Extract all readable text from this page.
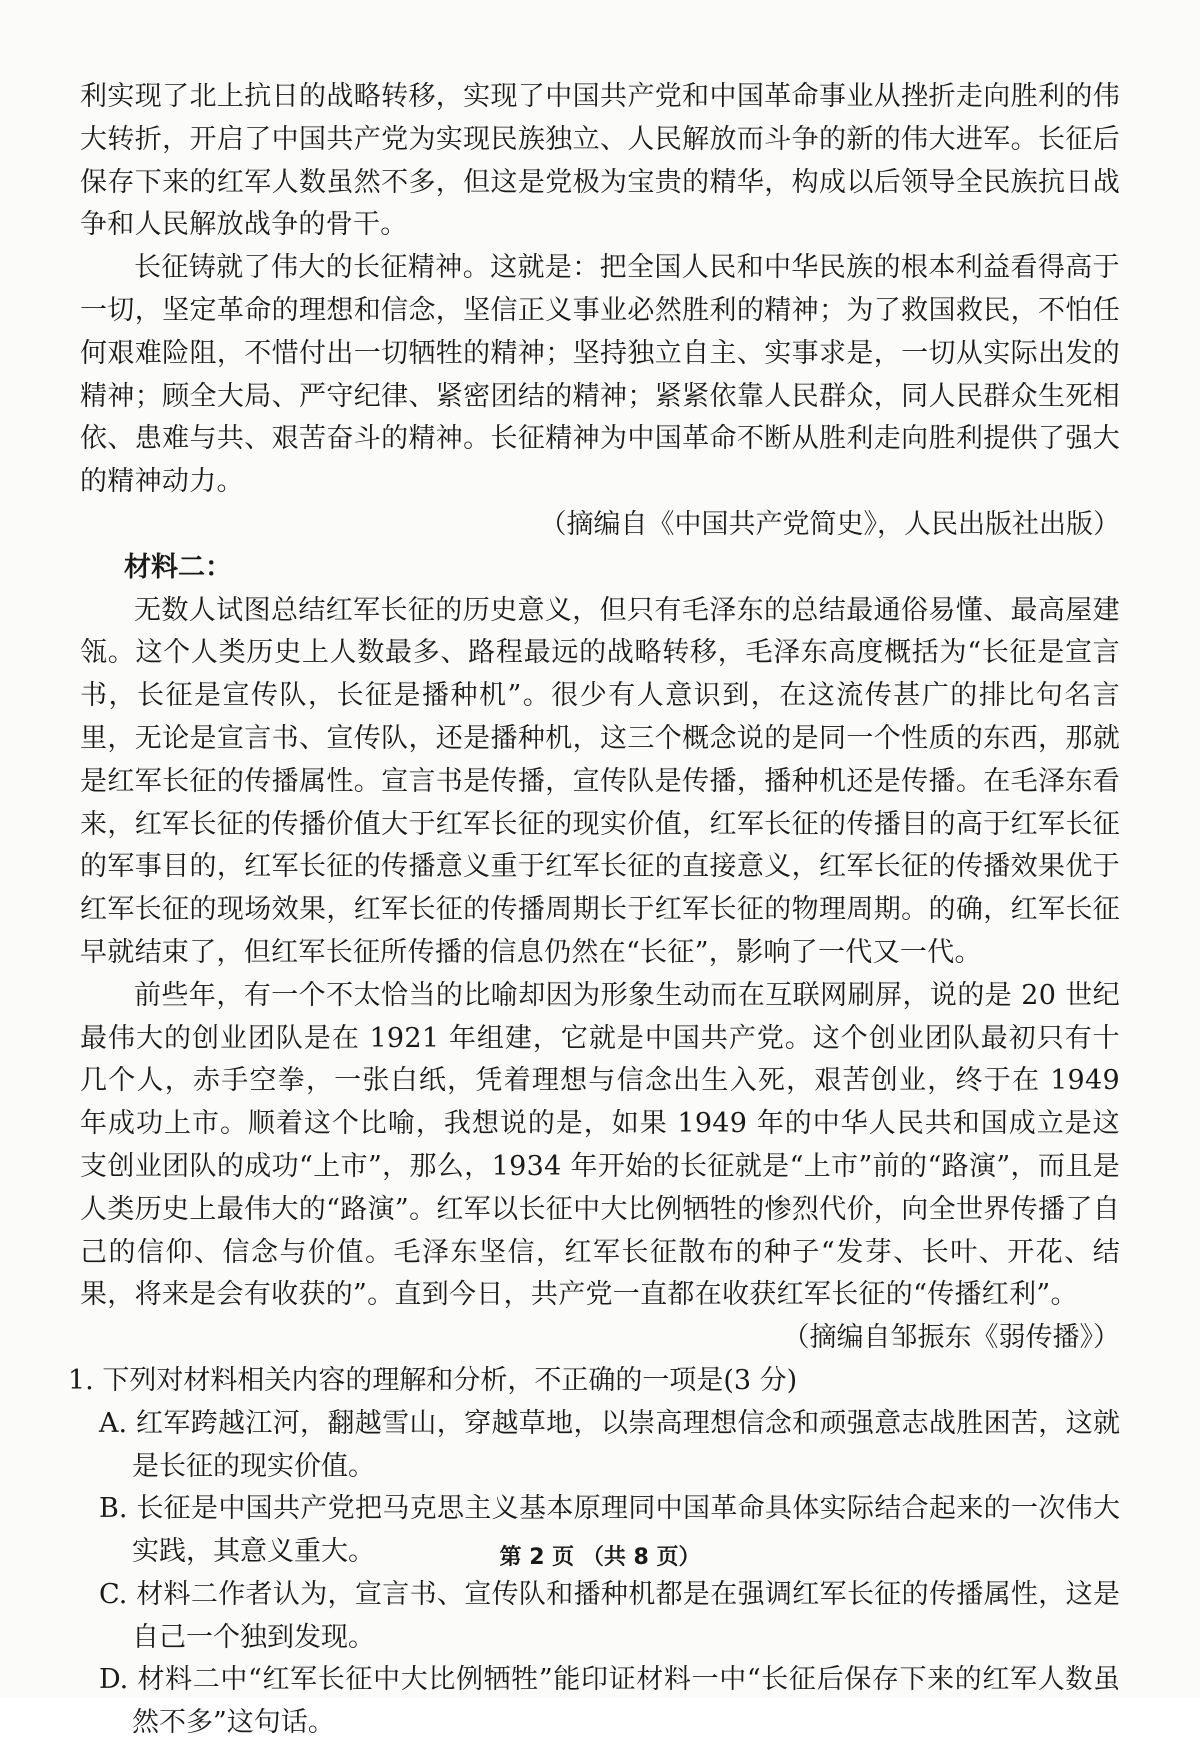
利实现了北上抗日的战略转移，实现了中国共产党和中国革命事业从挫折走向胜利的伟大转折，开启了中国共产党为实现民族独立、人民解放而斗争的新的伟大进军。长征后保存下来的红军人数虽然不多，但这是党极为宝贵的精华，构成以后领导全民族抗日战争和人民解放战争的骨干。

长征铸就了伟大的长征精神。这就是：把全国人民和中华民族的根本利益看得高于一切，坚定革命的理想和信念，坚信正义事业必然胜利的精神；为了救国救民，不怕任何艰难险阻，不惜付出一切牺牲的精神；坚持独立自主、实事求是，一切从实际出发的精神；顾全大局、严守纪律、紧密团结的精神；紧紧依靠人民群众，同人民群众生死相依、患难与共、艰苦奋斗的精神。长征精神为中国革命不断从胜利走向胜利提供了强大的精神动力。

（摘编自《中国共产党简史》，人民出版社出版）

材料二：

无数人试图总结红军长征的历史意义，但只有毛泽东的总结最通俗易懂、最高屋建瓴。这个人类历史上人数最多、路程最远的战略转移，毛泽东高度概括为“长征是宣言书，长征是宣传队，长征是播种机”。很少有人意识到，在这流传甚广的排比句名言里，无论是宣言书、宣传队，还是播种机，这三个概念说的是同一个性质的东西，那就是红军长征的传播属性。宣言书是传播，宣传队是传播，播种机还是传播。在毛泽东看来，红军长征的传播价值大于红军长征的现实价值，红军长征的传播目的高于红军长征的军事目的，红军长征的传播意义重于红军长征的直接意义，红军长征的传播效果优于红军长征的现场效果，红军长征的传播周期长于红军长征的物理周期。的确，红军长征早就结束了，但红军长征所传播的信息仍然在“长征”，影响了一代又一代。

前些年，有一个不太恰当的比喻却因为形象生动而在互联网刷屏，说的是 20 世纪最伟大的创业团队是在 1921 年组建，它就是中国共产党。这个创业团队最初只有十几个人，赤手空拳，一张白纸，凭着理想与信念出生入死，艰苦创业，终于在 1949 年成功上市。顺着这个比喻，我想说的是，如果 1949 年的中华人民共和国成立是这支创业团队的成功“上市”，那么，1934 年开始的长征就是“上市”前的“路演”，而且是人类历史上最伟大的“路演”。红军以长征中大比例牺牲的惨烈代价，向全世界传播了自己的信仰、信念与价值。毛泽东坚信，红军长征散布的种子“发芽、长叶、开花、结果，将来是会有收获的”。直到今日，共产党一直都在收获红军长征的“传播红利”。

（摘编自邹振东《弱传播》）

1. 下列对材料相关内容的理解和分析，不正确的一项是(3 分)

A. 红军跨越江河，翻越雪山，穿越草地，以崇高理想信念和顽强意志战胜困苦，这就是长征的现实价值。

B. 长征是中国共产党把马克思主义基本原理同中国革命具体实际结合起来的一次伟大实践，其意义重大。

C. 材料二作者认为，宣言书、宣传队和播种机都是在强调红军长征的传播属性，这是自己一个独到发现。

D. 材料二中“红军长征中大比例牺牲”能印证材料一中“长征后保存下来的红军人数虽然不多”这句话。

第 2 页 （共 8 页）
